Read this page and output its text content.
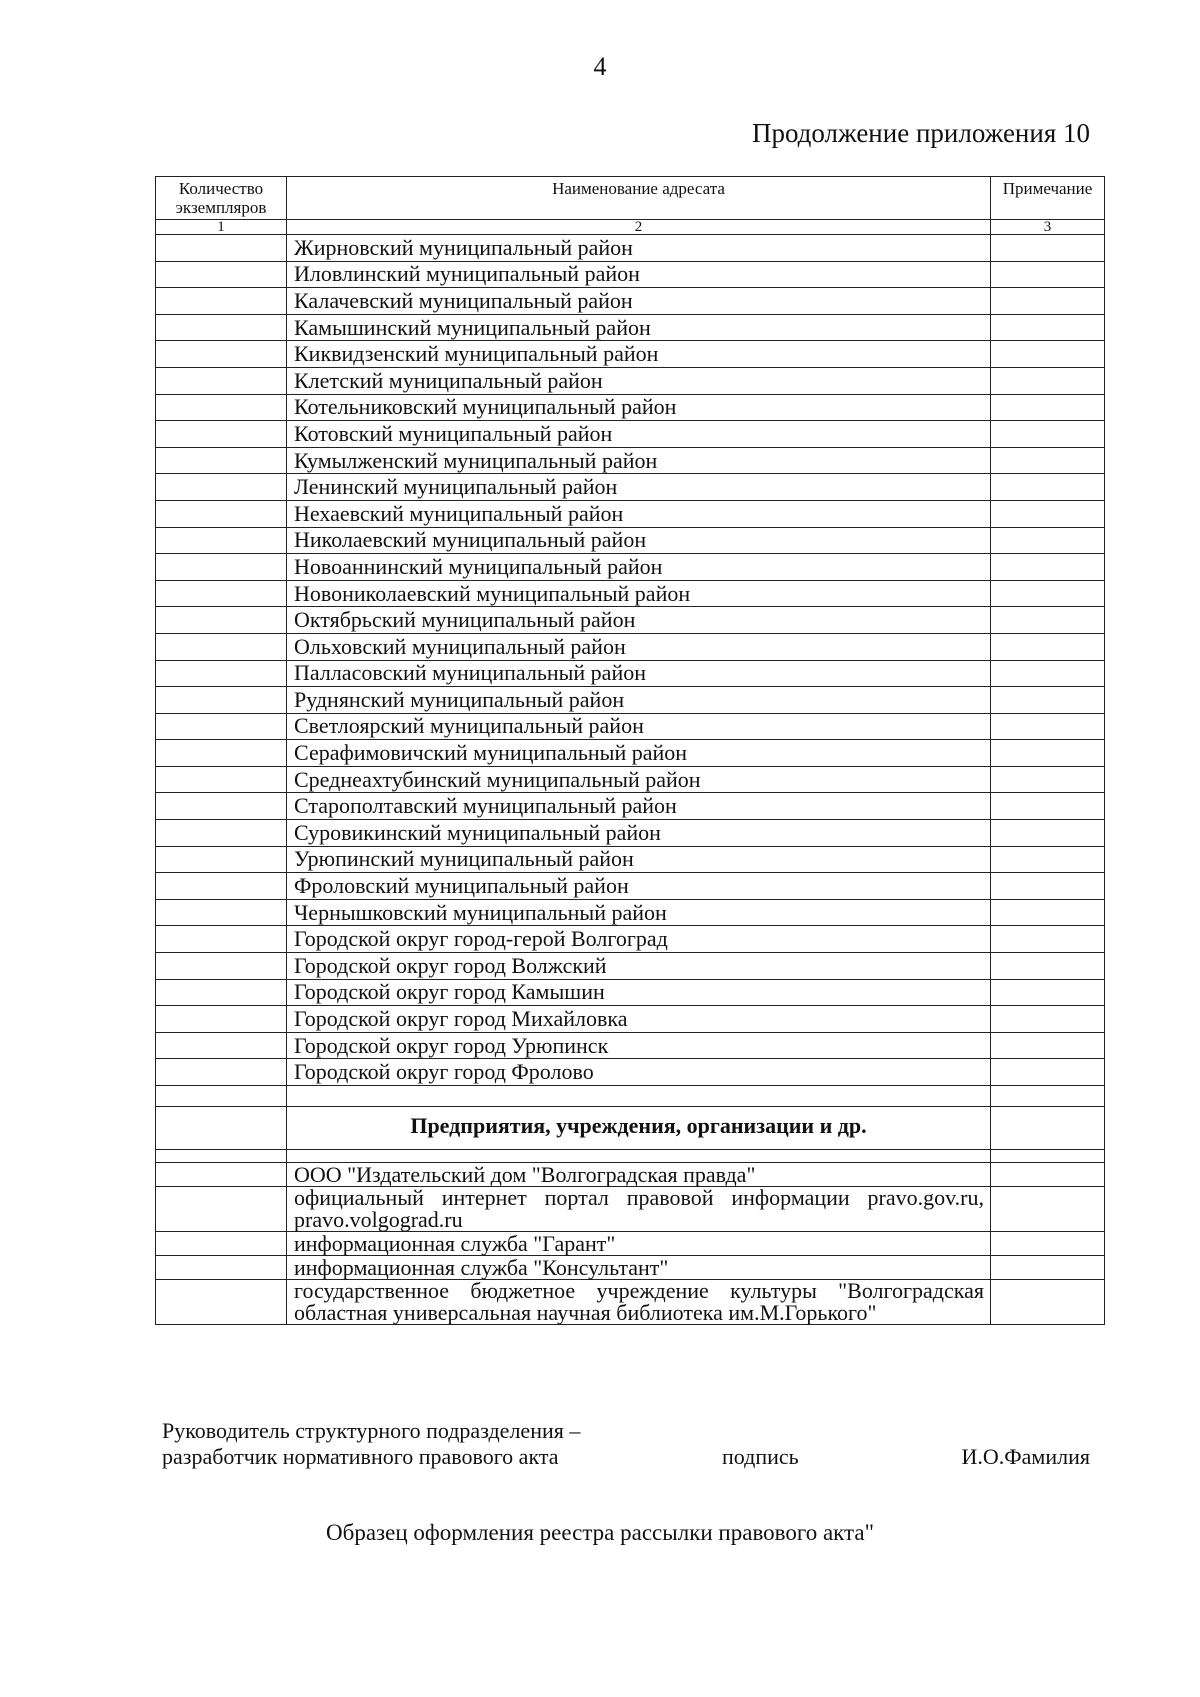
4
Продолжение приложения 10
Количество экземпляров	Наименование адресата	Примечание
1	2	3
	Жирновский муниципальный район	
	Иловлинский муниципальный район	
	Калачевский муниципальный район	
	Камышинский муниципальный район	
	Киквидзенский муниципальный район	
	Клетский муниципальный район	
	Котельниковский муниципальный район	
	Котовский муниципальный район	
	Кумылженский муниципальный район	
	Ленинский муниципальный район	
	Нехаевский муниципальный район	
	Николаевский муниципальный район	
	Новоаннинский муниципальный район	
	Новониколаевский муниципальный район	
	Октябрьский муниципальный район	
	Ольховский муниципальный район	
	Палласовский муниципальный район	
	Руднянский муниципальный район	
	Светлоярский муниципальный район	
	Серафимовичский муниципальный район	
	Среднеахтубинский муниципальный район	
	Старополтавский муниципальный район	
	Суровикинский муниципальный район	
	Урюпинский муниципальный район	
	Фроловский муниципальный район	
	Чернышковский муниципальный район	
	Городской округ город-герой Волгоград	
	Городской округ город Волжский	
	Городской округ город Камышин	
	Городской округ город Михайловка	
	Городской округ город Урюпинск	
	Городской округ город Фролово	

	Предприятия, учреждения, организации и др.	

	ООО "Издательский дом "Волгоградская правда"	
	официальный интернет портал правовой информации pravo.gov.ru, pravo.volgograd.ru	
	информационная служба "Гарант"	
	информационная служба "Консультант"	
	государственное бюджетное учреждение культуры "Волгоградская областная универсальная научная библиотека им.М.Горького"	
Руководитель структурного подразделения –
разработчик нормативного правового акта	подпись	И.О.Фамилия
Образец оформления реестра рассылки правового акта"
